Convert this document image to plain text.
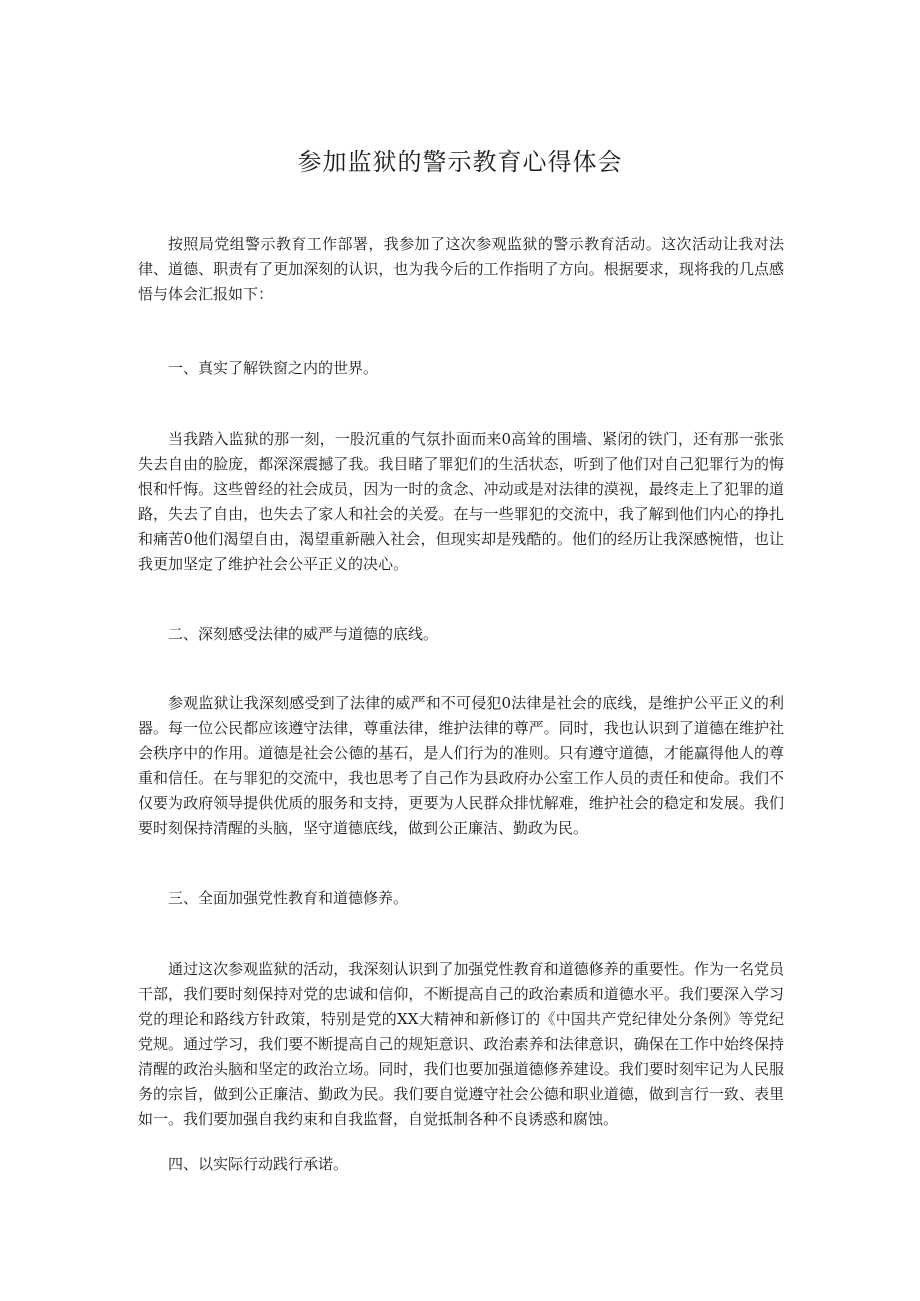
参加监狱的警示教育心得体会

按照局党组警示教育工作部署，我参加了这次参观监狱的警示教育活动。这次活动让我对法律、道德、职责有了更加深刻的认识，也为我今后的工作指明了方向。根据要求，现将我的几点感悟与体会汇报如下：

一、真实了解铁窗之内的世界。

当我踏入监狱的那一刻，一股沉重的气氛扑面而来0高耸的围墙、紧闭的铁门，还有那一张张失去自由的脸庞，都深深震撼了我。我目睹了罪犯们的生活状态，听到了他们对自己犯罪行为的悔恨和忏悔。这些曾经的社会成员，因为一时的贪念、冲动或是对法律的漠视，最终走上了犯罪的道路，失去了自由，也失去了家人和社会的关爱。在与一些罪犯的交流中，我了解到他们内心的挣扎和痛苦0他们渴望自由，渴望重新融入社会，但现实却是残酷的。他们的经历让我深感惋惜，也让我更加坚定了维护社会公平正义的决心。

二、深刻感受法律的威严与道德的底线。

参观监狱让我深刻感受到了法律的威严和不可侵犯0法律是社会的底线，是维护公平正义的利器。每一位公民都应该遵守法律，尊重法律，维护法律的尊严。同时，我也认识到了道德在维护社会秩序中的作用。道德是社会公德的基石，是人们行为的准则。只有遵守道德，才能赢得他人的尊重和信任。在与罪犯的交流中，我也思考了自己作为县政府办公室工作人员的责任和使命。我们不仅要为政府领导提供优质的服务和支持，更要为人民群众排忧解难，维护社会的稳定和发展。我们要时刻保持清醒的头脑，坚守道德底线，做到公正廉洁、勤政为民。

三、全面加强党性教育和道德修养。

通过这次参观监狱的活动，我深刻认识到了加强党性教育和道德修养的重要性。作为一名党员干部，我们要时刻保持对党的忠诚和信仰，不断提高自己的政治素质和道德水平。我们要深入学习党的理论和路线方针政策，特别是党的XX大精神和新修订的《中国共产党纪律处分条例》等党纪党规。通过学习，我们要不断提高自己的规矩意识、政治素养和法律意识，确保在工作中始终保持清醒的政治头脑和坚定的政治立场。同时，我们也要加强道德修养建设。我们要时刻牢记为人民服务的宗旨，做到公正廉洁、勤政为民。我们要自觉遵守社会公德和职业道德，做到言行一致、表里如一。我们要加强自我约束和自我监督，自觉抵制各种不良诱惑和腐蚀。

四、以实际行动践行承诺。
